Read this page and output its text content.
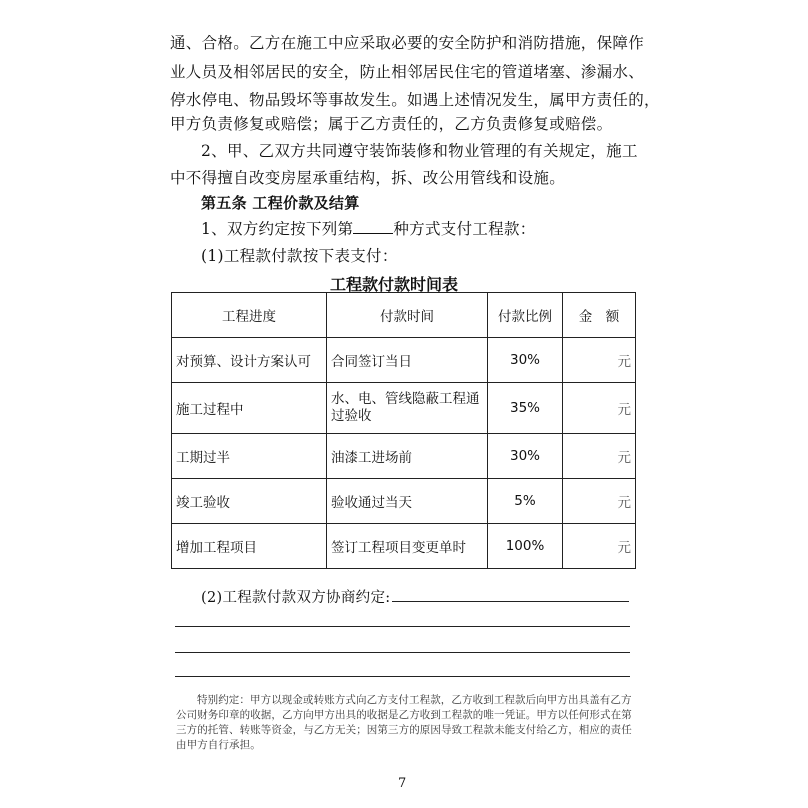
通、合格。乙方在施工中应采取必要的安全防护和消防措施，保障作
业人员及相邻居民的安全，防止相邻居民住宅的管道堵塞、渗漏水、
停水停电、物品毁坏等事故发生。如遇上述情况发生，属甲方责任的，
甲方负责修复或赔偿；属于乙方责任的，乙方负责修复或赔偿。
2、甲、乙双方共同遵守装饰装修和物业管理的有关规定，施工
中不得擅自改变房屋承重结构，拆、改公用管线和设施。
第五条 工程价款及结算
1、双方约定按下列第	种方式支付工程款：
(1)工程款付款按下表支付：
工程款付款时间表
工程进度	付款时间	付款比例	金　额
对预算、设计方案认可	合同签订当日	30%	元
施工过程中	水、电、管线隐蔽工程通过验收	35%	元
工期过半	油漆工进场前	30%	元
竣工验收	验收通过当天	5%	元
增加工程项目	签订工程项目变更单时	100%	元
(2)工程款付款双方协商约定:
特别约定：甲方以现金或转账方式向乙方支付工程款，乙方收到工程款后向甲方出具盖有乙方公司财务印章的收据，乙方向甲方出具的收据是乙方收到工程款的唯一凭证。甲方以任何形式在第三方的托管、转账等资金，与乙方无关；因第三方的原因导致工程款未能支付给乙方，相应的责任由甲方自行承担。
7
